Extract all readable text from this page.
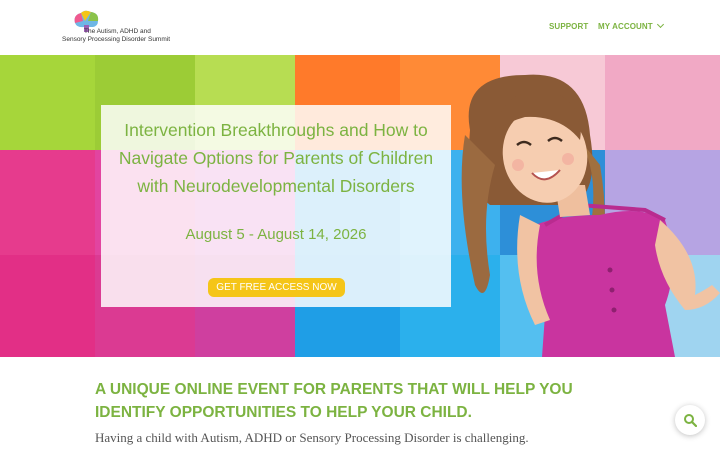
The Autism, ADHD and
Sensory Processing Disorder Summit
SUPPORT MY ACCOUNT
Intervention Breakthroughs and How to Navigate Options for Parents of Children with Neurodevelopmental Disorders
August 5 - August 14, 2026
GET FREE ACCESS NOW
A UNIQUE ONLINE EVENT FOR PARENTS THAT WILL HELP YOU IDENTIFY OPPORTUNITIES TO HELP YOUR CHILD.
Having a child with Autism, ADHD or Sensory Processing Disorder is challenging.
